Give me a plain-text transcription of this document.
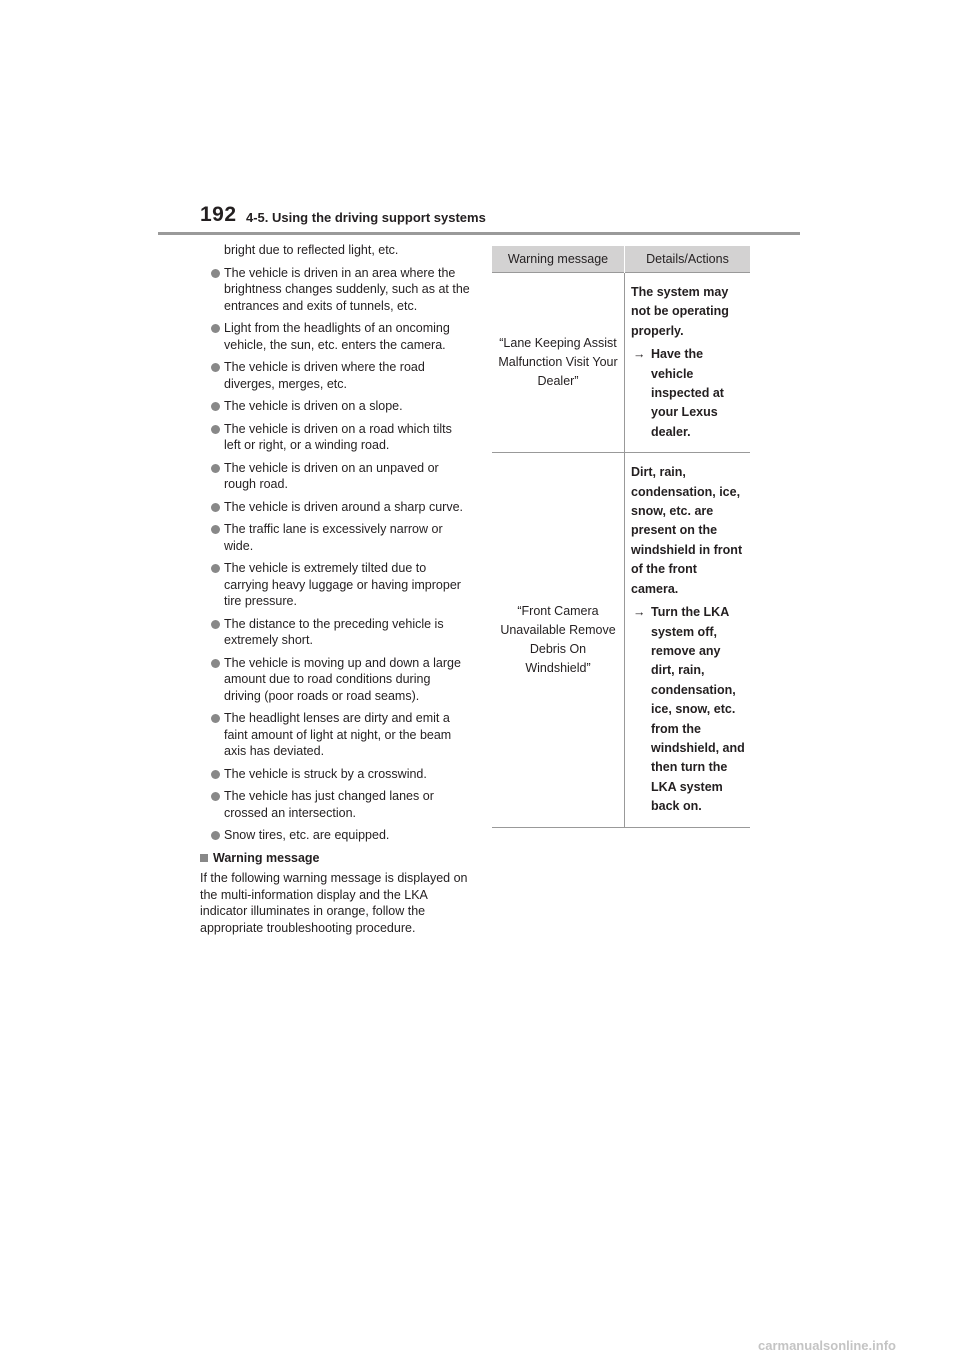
192 4-5. Using the driving support systems

bright due to reflected light, etc.

The vehicle is driven in an area where the brightness changes suddenly, such as at the entrances and exits of tunnels, etc.
Light from the headlights of an oncoming vehicle, the sun, etc. enters the camera.
The vehicle is driven where the road diverges, merges, etc.
The vehicle is driven on a slope.
The vehicle is driven on a road which tilts left or right, or a winding road.
The vehicle is driven on an unpaved or rough road.
The vehicle is driven around a sharp curve.
The traffic lane is excessively narrow or wide.
The vehicle is extremely tilted due to carrying heavy luggage or having improper tire pressure.
The distance to the preceding vehicle is extremely short.
The vehicle is moving up and down a large amount due to road conditions during driving (poor roads or road seams).
The headlight lenses are dirty and emit a faint amount of light at night, or the beam axis has deviated.
The vehicle is struck by a crosswind.
The vehicle has just changed lanes or crossed an intersection.
Snow tires, etc. are equipped.
Warning message

If the following warning message is displayed on the multi-information display and the LKA indicator illuminates in orange, follow the appropriate troubleshooting procedure.

Warning message	Details/Actions
“Lane Keeping Assist Malfunction Visit Your Dealer”	The system may not be operating properly.
→ Have the vehicle inspected at your Lexus dealer.

“Front Camera Unavailable Remove Debris On Windshield”	Dirt, rain, condensation, ice, snow, etc. are present on the windshield in front of the front camera.
→ Turn the LKA system off, remove any dirt, rain, condensation, ice, snow, etc. from the windshield, and then turn the LKA system back on.
carmanualsonline.info
